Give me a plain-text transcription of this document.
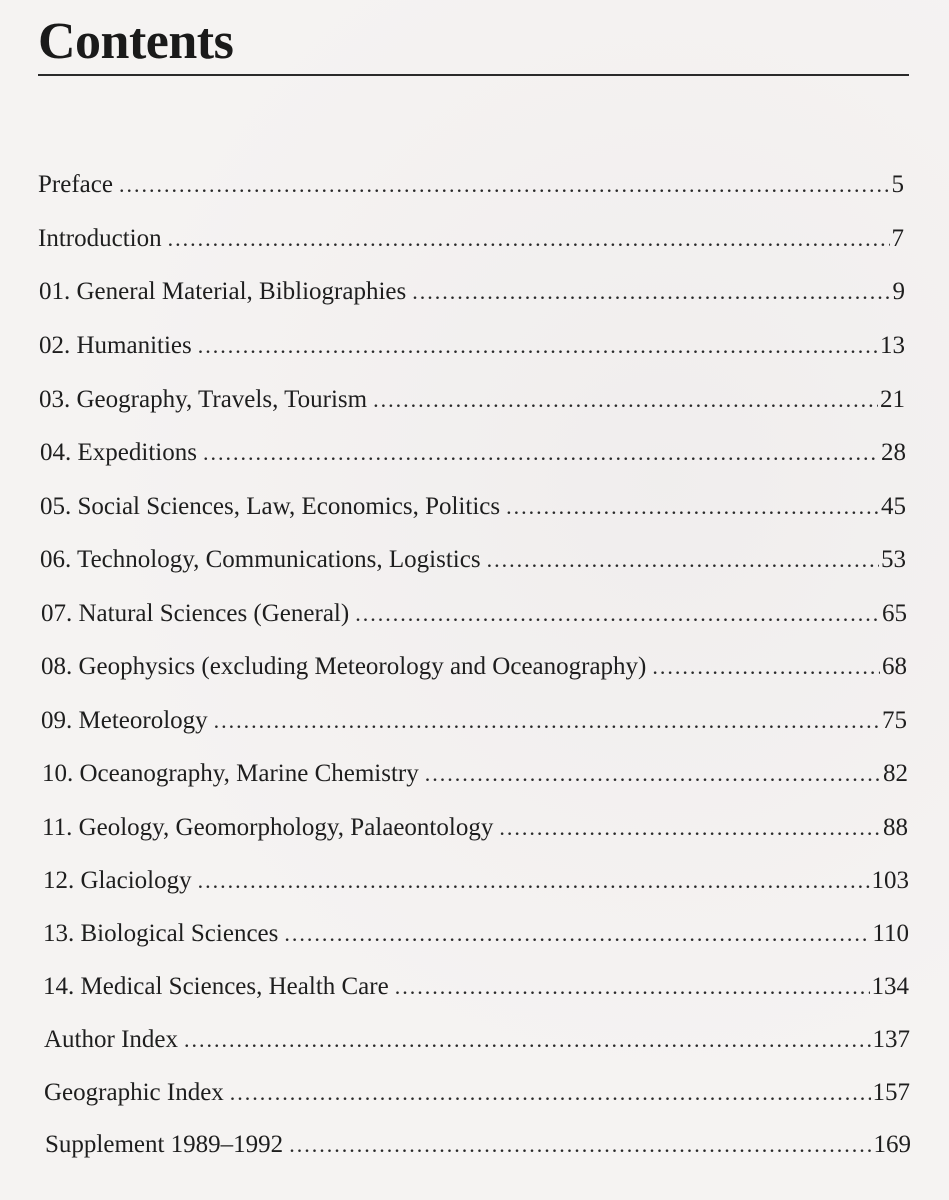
Contents
Preface .....	5
Introduction .....	7
01. General Material, Bibliographies .....	9
02. Humanities .....	13
03. Geography, Travels, Tourism .....	21
04. Expeditions .....	28
05. Social Sciences, Law, Economics, Politics .....	45
06. Technology, Communications, Logistics .....	53
07. Natural Sciences (General) .....	65
08. Geophysics (excluding Meteorology and Oceanography) .....	68
09. Meteorology .....	75
10. Oceanography, Marine Chemistry .....	82
11. Geology, Geomorphology, Palaeontology .....	88
12. Glaciology .....	103
13. Biological Sciences .....	110
14. Medical Sciences, Health Care .....	134
Author Index .....	137
Geographic Index .....	157
Supplement 1989–1992 .....	169
